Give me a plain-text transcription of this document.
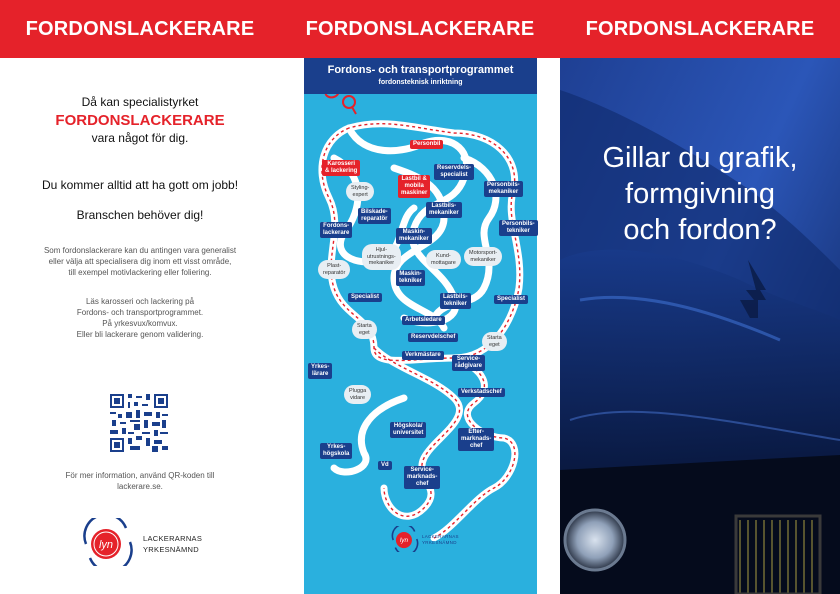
FORDONSLACKERARE
Då kan specialistyrket
FORDONSLACKERARE
vara något för dig.
Du kommer alltid att ha gott om jobb!
Branschen behöver dig!
Som fordonslackerare kan du antingen vara generalist
eller välja att specialisera dig inom ett visst område,
till exempel motivlackering eller foliering.
Läs karosseri och lackering på
Fordons- och transportprogrammet.
På yrkesvux/komvux.
Eller bli lackerare genom validering.
För mer information, använd QR-koden till
lackerare.se.
lyn
LACKERARNAS
YRKESNÄMND
FORDONSLACKERARE
Fordons- och transportprogrammet
fordonsteknisk inriktning
Personbil
Karosseri
& lackering
Lastbil &
mobila
maskiner
Reservdels-
specialist
Personbils-
mekaniker
Lastbils-
mekaniker
Personbils-
tekniker
Bilskade-
reparatör
Fordons-
lackerare	Maskin-
mekaniker
Maskin-
tekniker
Specialist	Lastbils-
tekniker
Specialist
Arbetsledare
Reservdelschef
Verkmästare
Service-
rådgivare
Yrkes-
lärare
Verkstadschef
Högskola/
universitet	Efter-
marknads-
chef
Yrkes-
högskola
Vd
Service-
marknads-
chef
Styling-
expert
Hjul-
utrustnings-
mekaniker
Kund-
mottagare
Motorsport-
mekaniker
Plast-
reparatör
Starta
eget
Starta
eget
Plugga
vidare
lyn
LACKERARNAS
YRKESNÄMND
FORDONSLACKERARE
Gillar du grafik,
formgivning
och fordon?
